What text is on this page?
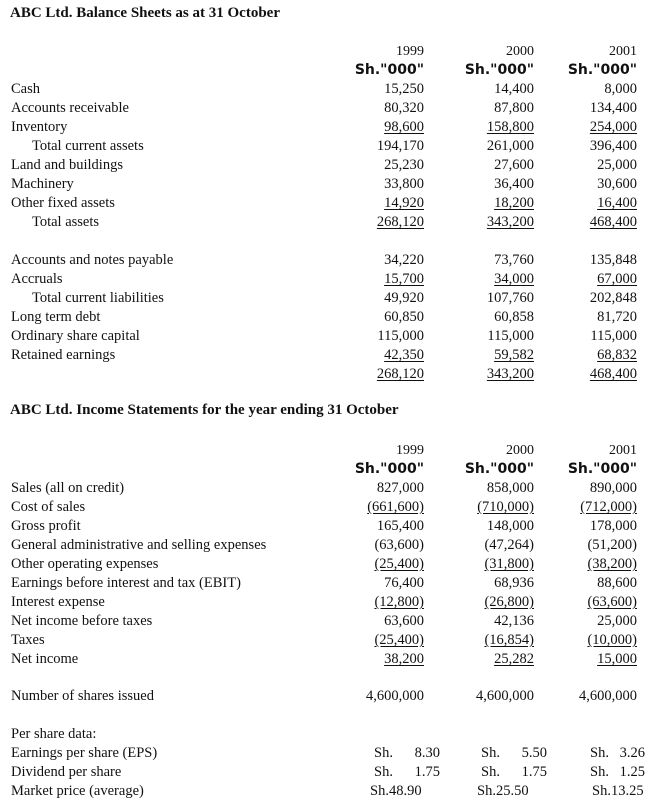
ABC Ltd. Balance Sheets as at 31 October
1999	2000	2001
Sh."000"	Sh."000"	Sh."000"
Cash	15,250	14,400	8,000
Accounts receivable	80,320	87,800	134,400
Inventory	98,600	158,800	254,000
Total current assets	194,170	261,000	396,400
Land and buildings	25,230	27,600	25,000
Machinery	33,800	36,400	30,600
Other fixed assets	14,920	18,200	16,400
Total assets	268,120	343,200	468,400
Accounts and notes payable	34,220	73,760	135,848
Accruals	15,700	34,000	67,000
Total current liabilities	49,920	107,760	202,848
Long term debt	60,850	60,858	81,720
Ordinary share capital	115,000	115,000	115,000
Retained earnings	42,350	59,582	68,832
268,120	343,200	468,400
ABC Ltd. Income Statements for the year ending 31 October
1999	2000	2001
Sh."000"	Sh."000"	Sh."000"
Sales (all on credit)	827,000	858,000	890,000
Cost of sales	(661,600)	(710,000)	(712,000)
Gross profit	165,400	148,000	178,000
General administrative and selling expenses	(63,600)	(47,264)	(51,200)
Other operating expenses	(25,400)	(31,800)	(38,200)
Earnings before interest and tax (EBIT)	76,400	68,936	88,600
Interest expense	(12,800)	(26,800)	(63,600)
Net income before taxes	63,600	42,136	25,000
Taxes	(25,400)	(16,854)	(10,000)
Net income	38,200	25,282	15,000
Number of shares issued	4,600,000	4,600,000	4,600,000
Per share data:
Earnings per share (EPS)	Sh.	8.30	Sh.	5.50	Sh. 3.26
Dividend per share	Sh.	1.75	Sh.	1.75	Sh. 1.25
Market price (average)	Sh.48.90	Sh.25.50	Sh.13.25
